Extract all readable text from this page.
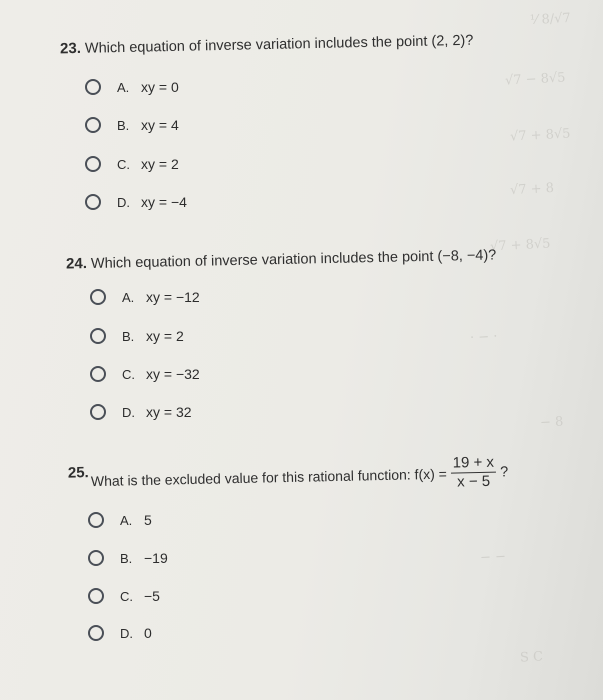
⅟ 8/√7
√7 − 8√5
√7 + 8√5
√7 + 8
√7 + 8√5
· − ·
− 8
− −
S C
23. Which equation of inverse variation includes the point (2, 2)?
A. xy = 0
B. xy = 4
C. xy = 2
D. xy = −4
24. Which equation of inverse variation includes the point (−8, −4)?
A. xy = −12
B. xy = 2
C. xy = −32
D. xy = 32
25. What is the excluded value for this rational function: $f(x) = \frac{19 + x}{x - 5}$ ?
A. 5
B. −19
C. −5
D. 0
